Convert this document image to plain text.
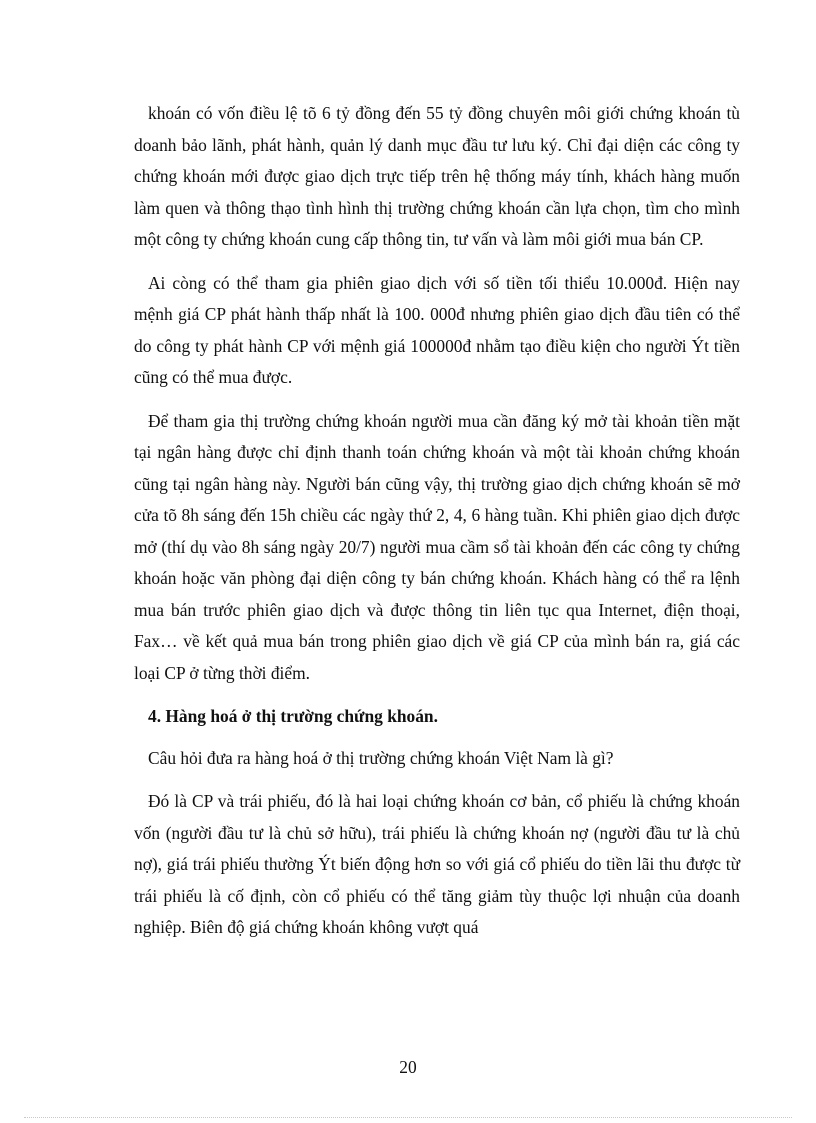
khoán có vốn điều lệ tõ 6 tỷ đồng đến 55 tỷ đồng chuyên môi giới chứng khoán tù doanh bảo lãnh, phát hành, quản lý danh mục đầu tư lưu ký. Chỉ đại diện các công ty chứng khoán mới được giao dịch trực tiếp trên hệ thống máy tính, khách hàng muốn làm quen và thông thạo tình hình thị trường chứng khoán cần lựa chọn, tìm cho mình một công ty chứng khoán cung cấp thông tin, tư vấn và làm môi giới mua bán CP.

Ai còng có thể tham gia phiên giao dịch với số tiền tối thiểu 10.000đ. Hiện nay mệnh giá CP phát hành thấp nhất là 100. 000đ nhưng phiên giao dịch đầu tiên có thể do công ty phát hành CP với mệnh giá 100000đ nhằm tạo điều kiện cho người Ýt tiền cũng có thể mua được.

Để tham gia thị trường chứng khoán người mua cần đăng ký mở tài khoản tiền mặt tại ngân hàng được chỉ định thanh toán chứng khoán và một tài khoản chứng khoán cũng tại ngân hàng này. Người bán cũng vậy, thị trường giao dịch chứng khoán sẽ mở cửa tõ 8h sáng đến 15h chiều các ngày thứ 2, 4, 6 hàng tuần. Khi phiên giao dịch được mở (thí dụ vào 8h sáng ngày 20/7) người mua cầm sổ tài khoản đến các công ty chứng khoán hoặc văn phòng đại diện công ty bán chứng khoán. Khách hàng có thể ra lệnh mua bán trước phiên giao dịch và được thông tin liên tục qua Internet, điện thoại, Fax… về kết quả mua bán trong phiên giao dịch về giá CP của mình bán ra, giá các loại CP ở từng thời điểm.

4. Hàng hoá ở thị trường chứng khoán.

Câu hỏi đưa ra hàng hoá ở thị trường chứng khoán Việt Nam là gì?

Đó là CP và trái phiếu, đó là hai loại chứng khoán cơ bản, cổ phiếu là chứng khoán vốn (người đầu tư là chủ sở hữu), trái phiếu là chứng khoán nợ (người đầu tư là chủ nợ), giá trái phiếu thường Ýt biến động hơn so với giá cổ phiếu do tiền lãi thu được từ trái phiếu là cố định, còn cổ phiếu có thể tăng giảm tùy thuộc lợi nhuận của doanh nghiệp. Biên độ giá chứng khoán không vượt quá

20
